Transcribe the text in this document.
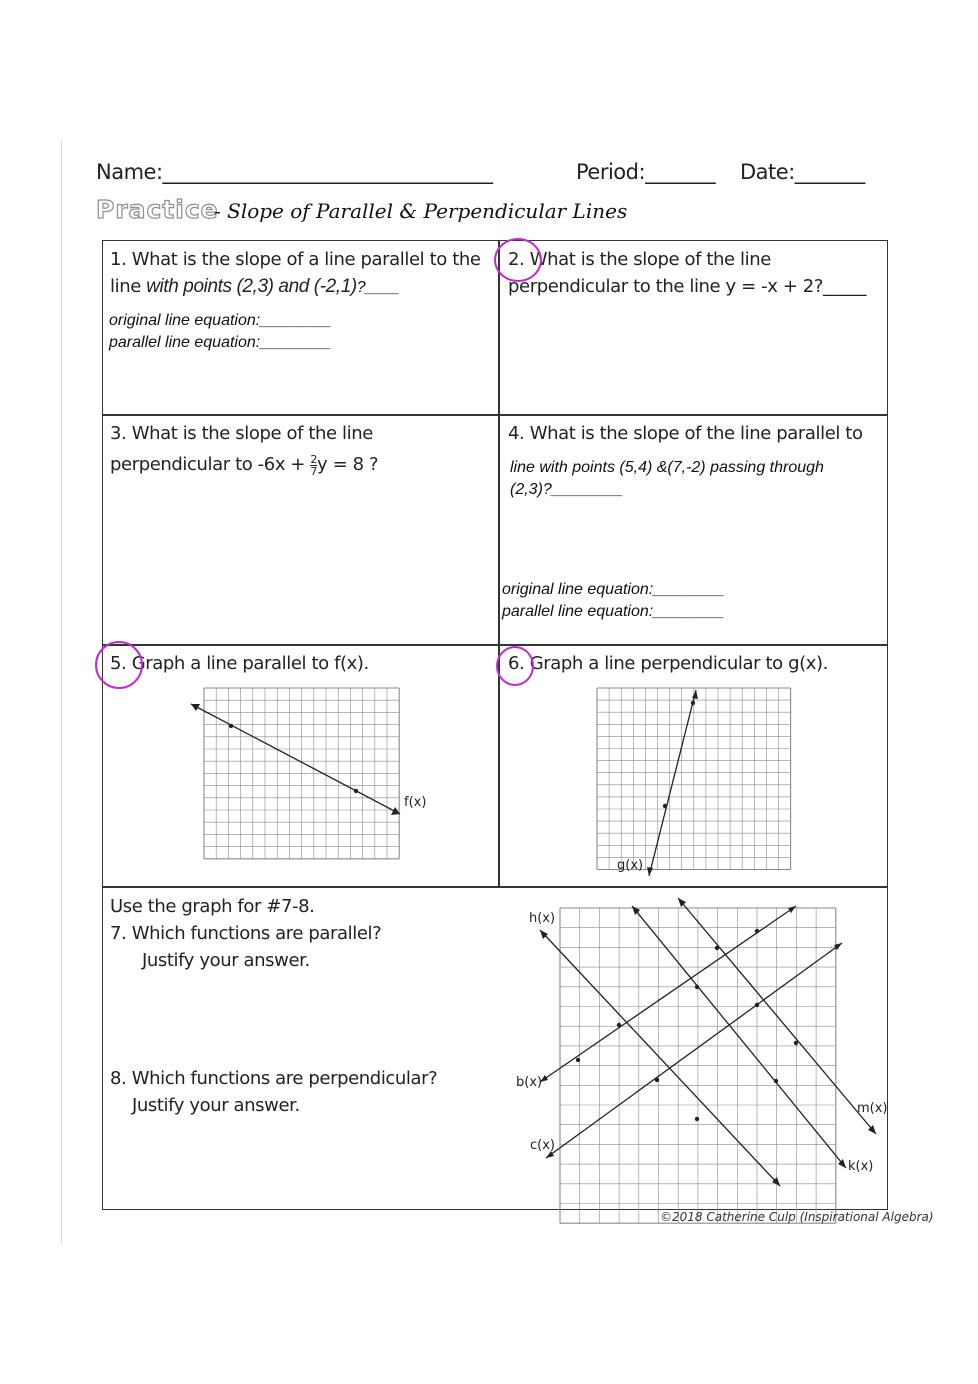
Name:_________________________________	Period:_______ Date:_______
Practice
- Slope of Parallel & Perpendicular Lines
1. What is the slope of a line parallel to the
line with points (2,3) and (-2,1)?____
original line equation:________
parallel line equation:________
2. What is the slope of the line
perpendicular to the line y = -x + 2?_____
3. What is the slope of the line
perpendicular to $-6x + \frac{2}{7}$ y = 8 ?
4. What is the slope of the line parallel to
line with points (5,4) &(7,-2) passing through
(2,3)?________
original line equation:________
parallel line equation:________
5. Graph a line parallel to f(x).
f(x)
6. Graph a line perpendicular to g(x).
g(x)
Use the graph for #7-8.
7. Which functions are parallel?
Justify your answer.
8. Which functions are perpendicular?
Justify your answer.
h(x)
b(x)
c(x)
m(x)
k(x)
©2018 Catherine Culp (Inspirational Algebra)
